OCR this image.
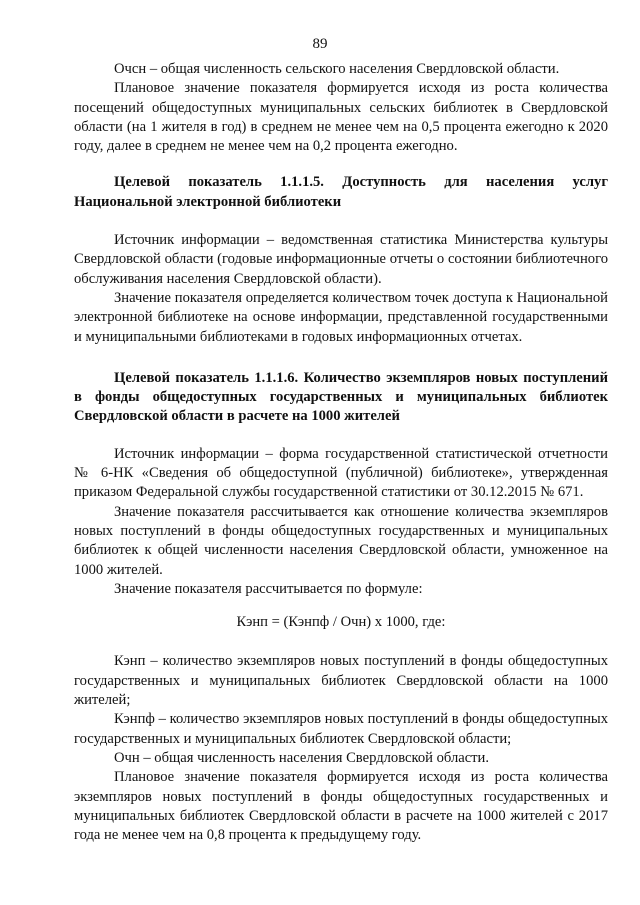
89

Очсн – общая численность сельского населения Свердловской области.

Плановое значение показателя формируется исходя из роста количества посещений общедоступных муниципальных сельских библиотек в Свердловской области (на 1 жителя в год) в среднем не менее чем на 0,5 процента ежегодно к 2020 году, далее в среднем не менее чем на 0,2 процента ежегодно.

Целевой показатель 1.1.1.5. Доступность для населения услуг Национальной электронной библиотеки

Источник информации – ведомственная статистика Министерства культуры Свердловской области (годовые информационные отчеты о состоянии библиотечного обслуживания населения Свердловской области).

Значение показателя определяется количеством точек доступа к Национальной электронной библиотеке на основе информации, представленной государственными и муниципальными библиотеками в годовых информационных отчетах.

Целевой показатель 1.1.1.6. Количество экземпляров новых поступлений в фонды общедоступных государственных и муниципальных библиотек Свердловской области в расчете на 1000 жителей

Источник информации – форма государственной статистической отчетности № 6-НК «Сведения об общедоступной (публичной) библиотеке», утвержденная приказом Федеральной службы государственной статистики от 30.12.2015 № 671.

Значение показателя рассчитывается как отношение количества экземпляров новых поступлений в фонды общедоступных государственных и муниципальных библиотек к общей численности населения Свердловской области, умноженное на 1000 жителей.

Значение показателя рассчитывается по формуле:

Кэнп = (Кэнпф / Очн) х 1000, где:

Кэнп – количество экземпляров новых поступлений в фонды общедоступных государственных и муниципальных библиотек Свердловской области на 1000 жителей;

Кэнпф – количество экземпляров новых поступлений в фонды общедоступных государственных и муниципальных библиотек Свердловской области;

Очн – общая численность населения Свердловской области.

Плановое значение показателя формируется исходя из роста количества экземпляров новых поступлений в фонды общедоступных государственных и муниципальных библиотек Свердловской области в расчете на 1000 жителей с 2017 года не менее чем на 0,8 процента к предыдущему году.
